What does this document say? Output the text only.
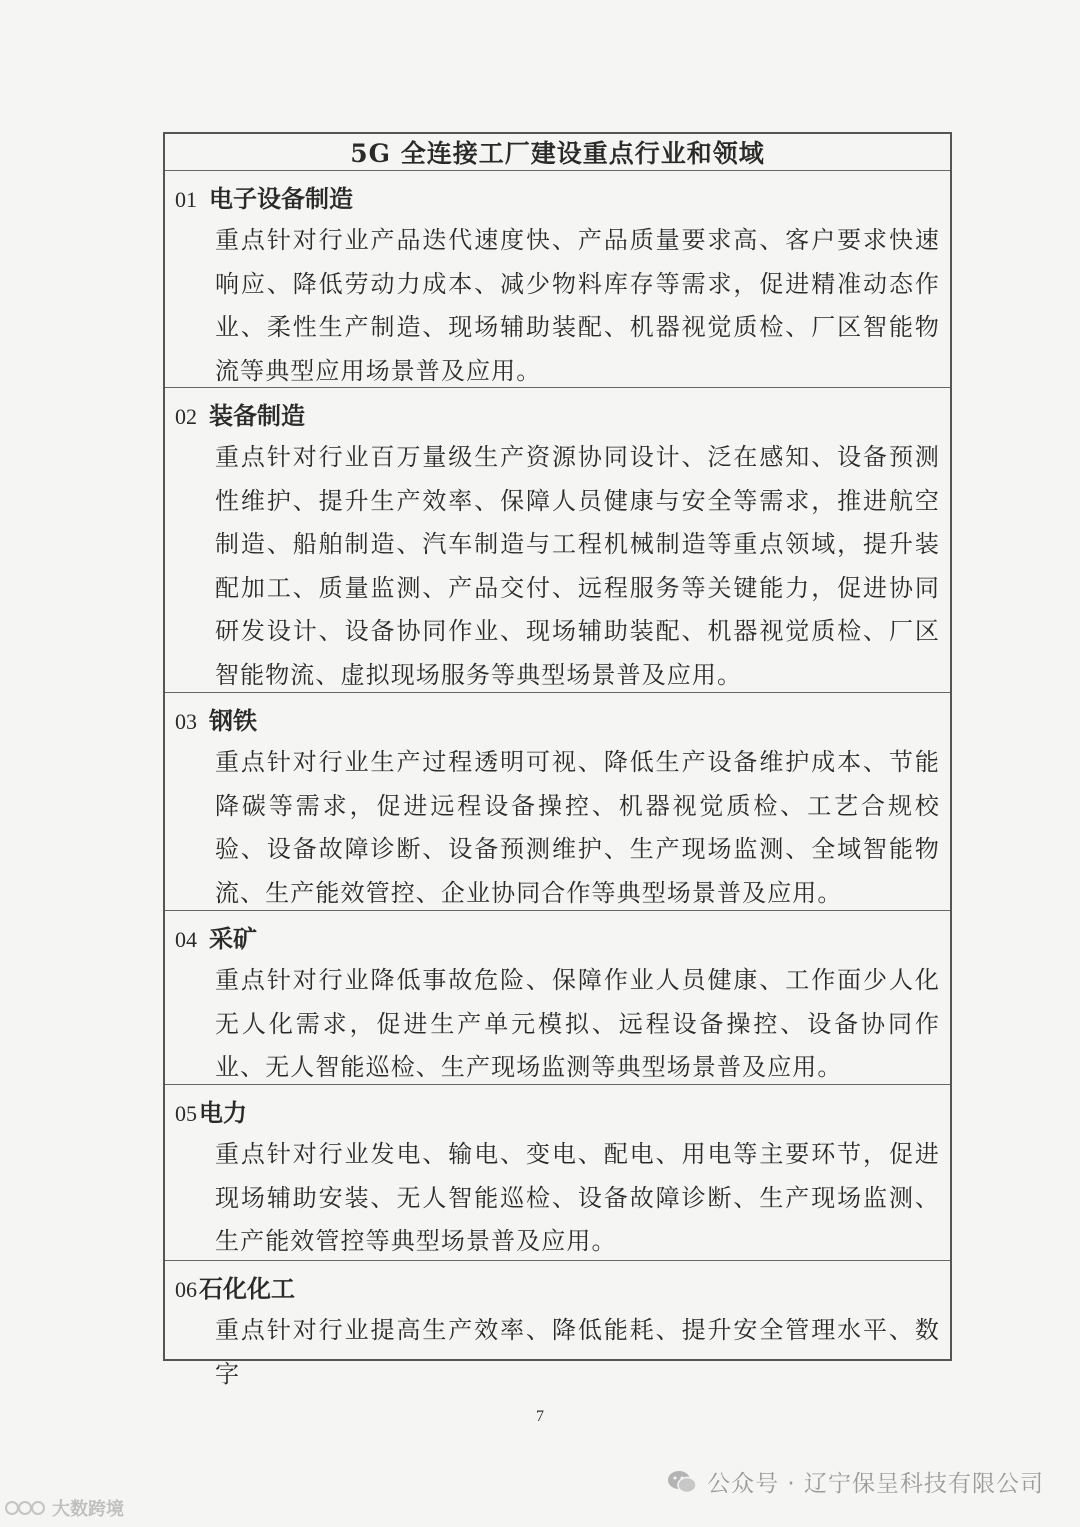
5G 全连接工厂建设重点行业和领域
01 电子设备制造
重点针对行业产品迭代速度快、产品质量要求高、客户要求快速响应、降低劳动力成本、减少物料库存等需求，促进精准动态作业、柔性生产制造、现场辅助装配、机器视觉质检、厂区智能物流等典型应用场景普及应用。
02 装备制造
重点针对行业百万量级生产资源协同设计、泛在感知、设备预测性维护、提升生产效率、保障人员健康与安全等需求，推进航空制造、船舶制造、汽车制造与工程机械制造等重点领域，提升装配加工、质量监测、产品交付、远程服务等关键能力，促进协同研发设计、设备协同作业、现场辅助装配、机器视觉质检、厂区智能物流、虚拟现场服务等典型场景普及应用。
03 钢铁
重点针对行业生产过程透明可视、降低生产设备维护成本、节能降碳等需求，促进远程设备操控、机器视觉质检、工艺合规校验、设备故障诊断、设备预测维护、生产现场监测、全域智能物流、生产能效管控、企业协同合作等典型场景普及应用。
04 采矿
重点针对行业降低事故危险、保障作业人员健康、工作面少人化无人化需求，促进生产单元模拟、远程设备操控、设备协同作业、无人智能巡检、生产现场监测等典型场景普及应用。
05 电力
重点针对行业发电、输电、变电、配电、用电等主要环节，促进现场辅助安装、无人智能巡检、设备故障诊断、生产现场监测、生产能效管控等典型场景普及应用。
06 石化化工
重点针对行业提高生产效率、降低能耗、提升安全管理水平、数字
7
公众号 · 辽宁保呈科技有限公司
大数跨境
